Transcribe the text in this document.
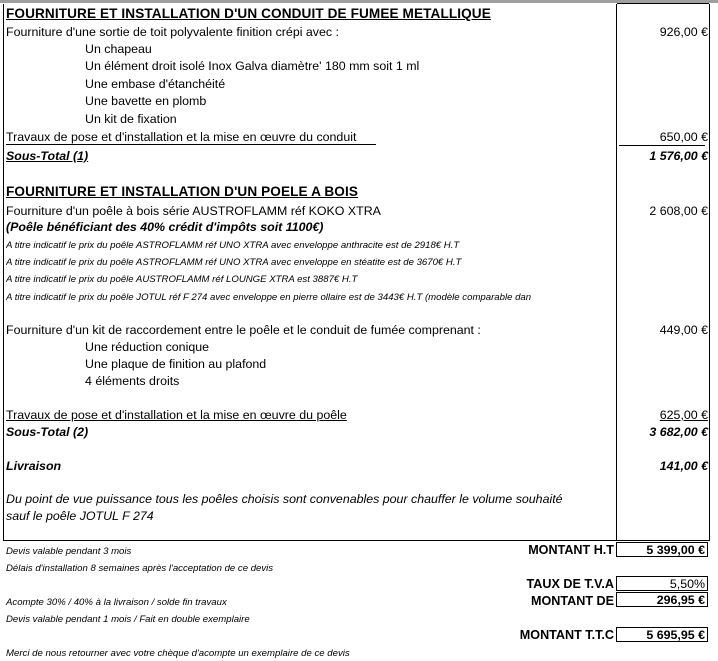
FOURNITURE ET INSTALLATION D'UN CONDUIT DE FUMEE METALLIQUE
Fourniture d'une sortie de toit polyvalente finition crépi avec :	926,00 €
Un chapeau
Un élément droit isolé Inox Galva diamètre' 180 mm soit 1 ml
Une embase d'étanchéité
Une bavette en plomb
Un kit de fixation
Travaux de pose et d'installation et la mise en œuvre du conduit	650,00 €
Sous-Total (1)	1 576,00 €
FOURNITURE ET INSTALLATION D'UN POELE A BOIS
Fourniture d'un poêle à bois série AUSTROFLAMM réf KOKO XTRA	2 608,00 €
(Poêle bénéficiant des 40% crédit d'impôts soit 1100€)
A titre indicatif le prix du poêle ASTROFLAMM réf UNO XTRA avec enveloppe anthracite est de 2918€ H.T
A titre indicatif le prix du poêle ASTROFLAMM réf UNO XTRA avec enveloppe en stéatite est de 3670€ H.T
A titre indicatif le prix du poêle AUSTROFLAMM réf LOUNGE XTRA est 3887€ H.T
A titre indicatif le prix du poêle JOTUL réf F 274 avec enveloppe en pierre ollaire est de 3443€ H.T (modèle comparable dan
Fourniture d'un kit de raccordement entre le poêle et le conduit de fumée comprenant :	449,00 €
Une réduction conique
Une plaque de finition au plafond
4 éléments droits
Travaux de pose et d'installation et la mise en œuvre du poêle	625,00 €
Sous-Total (2)	3 682,00 €
Livraison	141,00 €
Du point de vue puissance tous les poêles choisis sont convenables pour chauffer le volume souhaité
sauf le poêle JOTUL F 274
Devis valable pendant 3 mois
Délais d'installation 8 semaines après l'acceptation de ce devis
Acompte 30% / 40% à la livraison / solde fin travaux
Devis valable pendant 1 mois / Fait en double exemplaire
Merci de nous retourner avec votre chèque d'acompte un exemplaire de ce devis
MONTANT H.T	5 399,00 €
TAUX DE T.V.A	5,50%
MONTANT DE	296,95 €
MONTANT T.T.C	5 695,95 €
